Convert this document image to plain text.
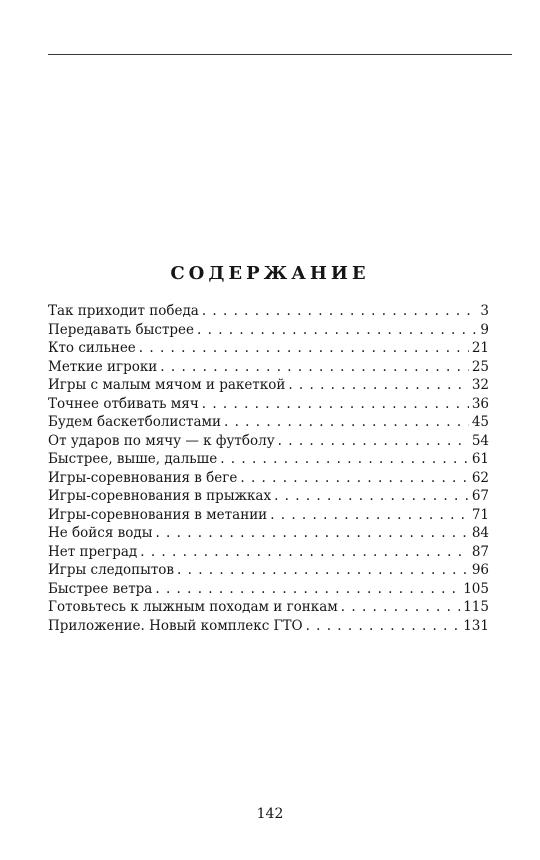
СОДЕРЖАНИЕ
Так приходит победа . . .	3
Передавать быстрее . . .	9
Кто сильнее . . .	21
Меткие игроки . . .	25
Игры с малым мячом и ракеткой . . .	32
Точнее отбивать мяч . . .	36
Будем баскетболистами . . .	45
От ударов по мячу — к футболу . . .	54
Быстрее, выше, дальше . . .	61
Игры-соревнования в беге . . .	62
Игры-соревнования в прыжках . . .	67
Игры-соревнования в метании . . .	71
Не бойся воды . . .	84
Нет преград . . .	87
Игры следопытов . . .	96
Быстрее ветра . . .	105
Готовьтесь к лыжным походам и гонкам . . .	115
Приложение. Новый комплекс ГТО . . .	131
142
